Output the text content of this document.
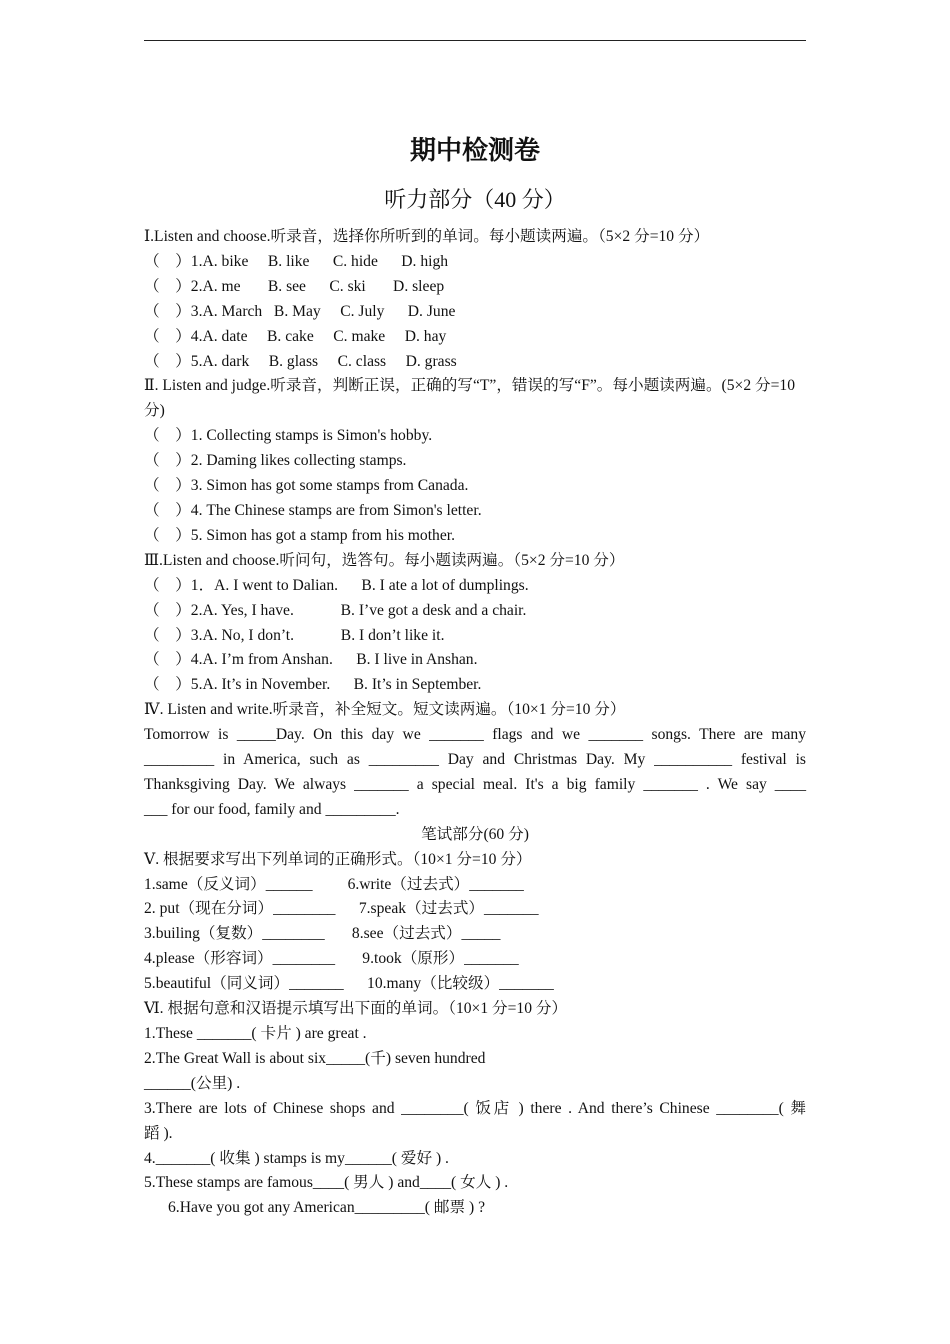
期中检测卷
听力部分（40 分）
Ⅰ.Listen and choose.听录音，选择你所听到的单词。每小题读两遍。（5×2 分=10 分）
（    ）1.A. bike     B. like      C. hide      D. high
（    ）2.A. me       B. see      C. ski       D. sleep
（    ）3.A. March   B. May     C. July      D. June
（    ）4.A. date     B. cake     C. make     D. hay
（    ）5.A. dark     B. glass     C. class     D. grass
Ⅱ. Listen and judge.听录音，判断正误，正确的写“T”，错误的写“F”。每小题读两遍。(5×2 分=10 分)
（    ）1. Collecting stamps is Simon's hobby.
（    ）2. Daming likes collecting stamps.
（    ）3. Simon has got some stamps from Canada.
（    ）4. The Chinese stamps are from Simon's letter.
（    ）5. Simon has got a stamp from his mother.
Ⅲ.Listen and choose.听问句，选答句。每小题读两遍。（5×2 分=10 分）
（    ）1．A. I went to Dalian.      B. I ate a lot of dumplings.
（    ）2.A. Yes, I have.            B. I’ve got a desk and a chair.
（    ）3.A. No, I don’t.            B. I don’t like it.
（    ）4.A. I’m from Anshan.      B. I live in Anshan.
（    ）5.A. It’s in November.      B. It’s in September.
Ⅳ. Listen and write.听录音，补全短文。短文读两遍。（10×1 分=10 分）
Tomorrow is _____Day. On this day we _______ flags and we _______ songs. There are many
_________ in America, such as _________ Day and Christmas Day. My __________ festival is
Thanksgiving Day. We always _______ a special meal. It's a big family _______ . We say ____
___ for our food, family and _________.
笔试部分(60 分)
Ⅴ. 根据要求写出下列单词的正确形式。（10×1 分=10 分）
1.same（反义词）______         6.write（过去式）_______
2. put（现在分词）________      7.speak（过去式）_______
3.builing（复数）________       8.see（过去式）_____
4.please（形容词）________       9.took（原形）_______
5.beautiful（同义词）_______      10.many（比较级）_______
Ⅵ. 根据句意和汉语提示填写出下面的单词。（10×1 分=10 分）
1.These _______( 卡片 ) are great .
2.The Great Wall is about six_____(千) seven hundred
______(公里) .
3.There are lots of Chinese shops and ________( 饭店 ) there . And there’s Chinese ________( 舞
蹈 ).
4._______( 收集 ) stamps is my______( 爱好 ) .
5.These stamps are famous____( 男人 ) and____( 女人 ) .
6.Have you got any American_________( 邮票 ) ?
